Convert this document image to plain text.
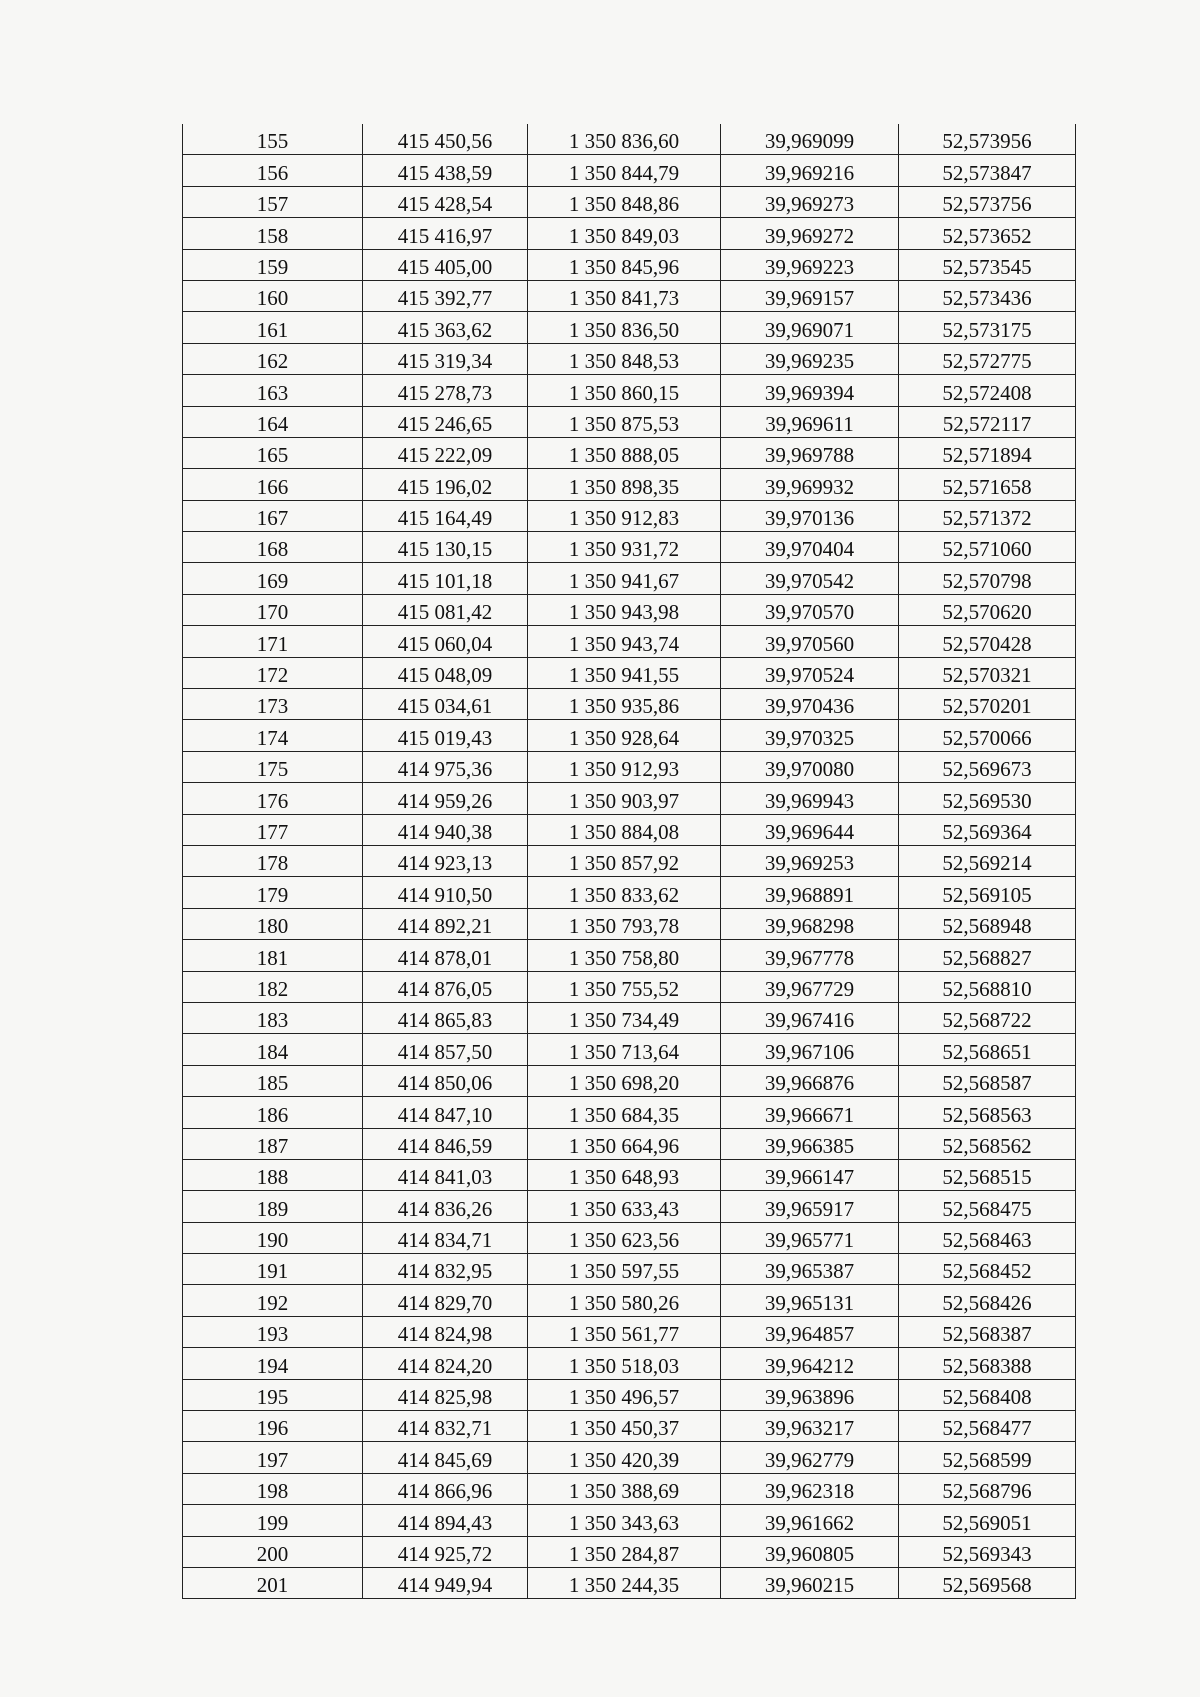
155	415 450,56	1 350 836,60	39,969099	52,573956
156	415 438,59	1 350 844,79	39,969216	52,573847
157	415 428,54	1 350 848,86	39,969273	52,573756
158	415 416,97	1 350 849,03	39,969272	52,573652
159	415 405,00	1 350 845,96	39,969223	52,573545
160	415 392,77	1 350 841,73	39,969157	52,573436
161	415 363,62	1 350 836,50	39,969071	52,573175
162	415 319,34	1 350 848,53	39,969235	52,572775
163	415 278,73	1 350 860,15	39,969394	52,572408
164	415 246,65	1 350 875,53	39,969611	52,572117
165	415 222,09	1 350 888,05	39,969788	52,571894
166	415 196,02	1 350 898,35	39,969932	52,571658
167	415 164,49	1 350 912,83	39,970136	52,571372
168	415 130,15	1 350 931,72	39,970404	52,571060
169	415 101,18	1 350 941,67	39,970542	52,570798
170	415 081,42	1 350 943,98	39,970570	52,570620
171	415 060,04	1 350 943,74	39,970560	52,570428
172	415 048,09	1 350 941,55	39,970524	52,570321
173	415 034,61	1 350 935,86	39,970436	52,570201
174	415 019,43	1 350 928,64	39,970325	52,570066
175	414 975,36	1 350 912,93	39,970080	52,569673
176	414 959,26	1 350 903,97	39,969943	52,569530
177	414 940,38	1 350 884,08	39,969644	52,569364
178	414 923,13	1 350 857,92	39,969253	52,569214
179	414 910,50	1 350 833,62	39,968891	52,569105
180	414 892,21	1 350 793,78	39,968298	52,568948
181	414 878,01	1 350 758,80	39,967778	52,568827
182	414 876,05	1 350 755,52	39,967729	52,568810
183	414 865,83	1 350 734,49	39,967416	52,568722
184	414 857,50	1 350 713,64	39,967106	52,568651
185	414 850,06	1 350 698,20	39,966876	52,568587
186	414 847,10	1 350 684,35	39,966671	52,568563
187	414 846,59	1 350 664,96	39,966385	52,568562
188	414 841,03	1 350 648,93	39,966147	52,568515
189	414 836,26	1 350 633,43	39,965917	52,568475
190	414 834,71	1 350 623,56	39,965771	52,568463
191	414 832,95	1 350 597,55	39,965387	52,568452
192	414 829,70	1 350 580,26	39,965131	52,568426
193	414 824,98	1 350 561,77	39,964857	52,568387
194	414 824,20	1 350 518,03	39,964212	52,568388
195	414 825,98	1 350 496,57	39,963896	52,568408
196	414 832,71	1 350 450,37	39,963217	52,568477
197	414 845,69	1 350 420,39	39,962779	52,568599
198	414 866,96	1 350 388,69	39,962318	52,568796
199	414 894,43	1 350 343,63	39,961662	52,569051
200	414 925,72	1 350 284,87	39,960805	52,569343
201	414 949,94	1 350 244,35	39,960215	52,569568
